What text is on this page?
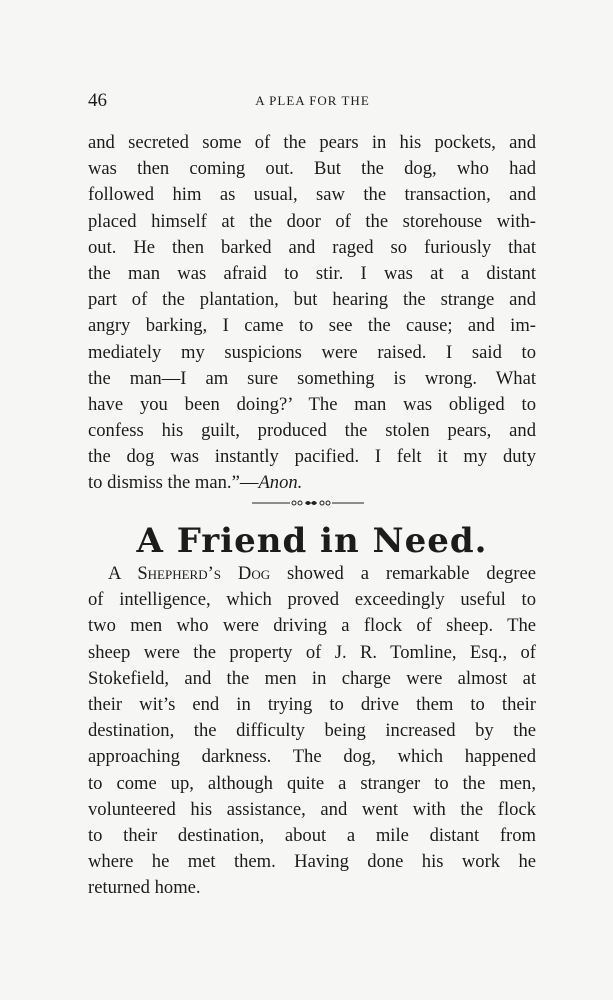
46	A PLEA FOR THE
and secreted some of the pears in his pockets, and
was then coming out. But the dog, who had
followed him as usual, saw the transaction, and
placed himself at the door of the storehouse with-
out. He then barked and raged so furiously that
the man was afraid to stir. I was at a distant
part of the plantation, but hearing the strange and
angry barking, I came to see the cause; and im-
mediately my suspicions were raised. I said to
the man—I am sure something is wrong. What
have you been doing?’ The man was obliged to
confess his guilt, produced the stolen pears, and
the dog was instantly pacified. I felt it my duty
to dismiss the man.”—Anon.
A Friend in Need.
A Shepherd’s Dog showed a remarkable degree
of intelligence, which proved exceedingly useful to
two men who were driving a flock of sheep. The
sheep were the property of J. R. Tomline, Esq., of
Stokefield, and the men in charge were almost at
their wit’s end in trying to drive them to their
destination, the difficulty being increased by the
approaching darkness. The dog, which happened
to come up, although quite a stranger to the men,
volunteered his assistance, and went with the flock
to their destination, about a mile distant from
where he met them. Having done his work he
returned home.
